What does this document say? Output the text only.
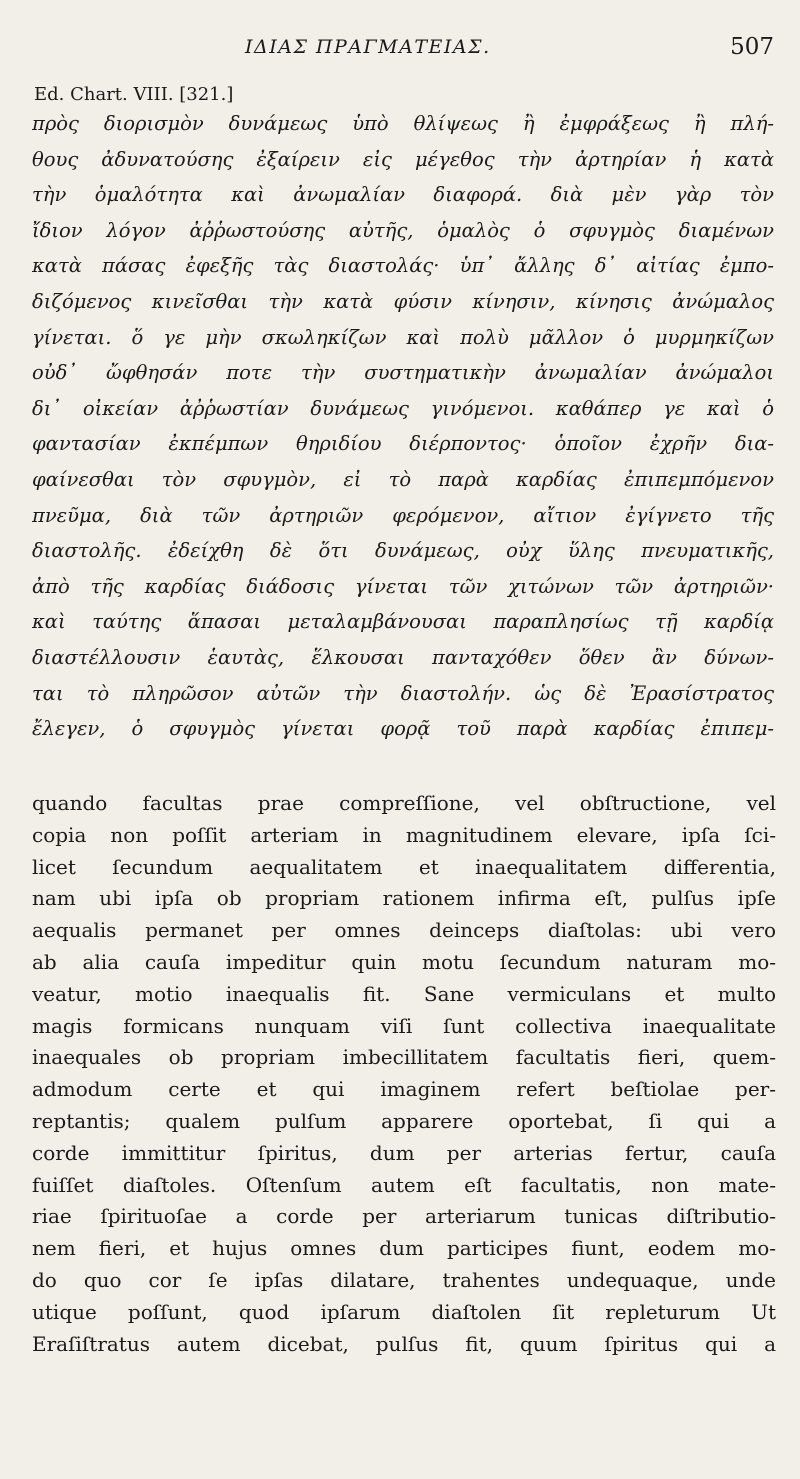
ΙΔΙΑΣ ΠΡΑΓΜΑΤΕΙΑΣ.	507
Ed. Chart. VIII. [321.]
πρὸς διορισμὸν δυνάμεως ὑπὸ θλίψεως ἢ ἐμφράξεως ἢ πλή-
θους ἀδυνατούσης ἐξαίρειν εἰς μέγεθος τὴν ἀρτηρίαν ἡ κατὰ
τὴν ὁμαλότητα καὶ ἀνωμαλίαν διαφορά. διὰ μὲν γὰρ τὸν
ἴδιον λόγον ἀῤῥωστούσης αὐτῆς, ὁμαλὸς ὁ σφυγμὸς διαμένων
κατὰ πάσας ἐφεξῆς τὰς διαστολάς· ὑπ᾽ ἄλλης δ᾽ αἰτίας ἐμπο-
διζόμενος κινεῖσθαι τὴν κατὰ φύσιν κίνησιν, κίνησις ἀνώμαλος
γίνεται. ὅ γε μὴν σκωληκίζων καὶ πολὺ μᾶλλον ὁ μυρμηκίζων
οὐδ᾽ ὤφθησάν ποτε τὴν συστηματικὴν ἀνωμαλίαν ἀνώμαλοι
δι᾽ οἰκείαν ἀῤῥωστίαν δυνάμεως γινόμενοι. καθάπερ γε καὶ ὁ
φαντασίαν ἐκπέμπων θηριδίου διέρποντος· ὁποῖον ἐχρῆν δια-
φαίνεσθαι τὸν σφυγμὸν, εἰ τὸ παρὰ καρδίας ἐπιπεμπόμενον
πνεῦμα, διὰ τῶν ἀρτηριῶν φερόμενον, αἴτιον ἐγίγνετο τῆς
διαστολῆς. ἐδείχθη δὲ ὅτι δυνάμεως, οὐχ ὕλης πνευματικῆς,
ἀπὸ τῆς καρδίας διάδοσις γίνεται τῶν χιτώνων τῶν ἀρτηριῶν·
καὶ ταύτης ἅπασαι μεταλαμβάνουσαι παραπλησίως τῇ καρδίᾳ
διαστέλλουσιν ἑαυτὰς, ἕλκουσαι πανταχόθεν ὅθεν ἂν δύνων-
ται τὸ πληρῶσον αὐτῶν τὴν διαστολήν. ὡς δὲ Ἐρασίστρατος
ἔλεγεν, ὁ σφυγμὸς γίνεται φορᾷ τοῦ παρὰ καρδίας ἐπιπεμ-
quando facultas prae compreſſione, vel obſtructione, vel
copia non poſſit arteriam in magnitudinem elevare, ipſa ſci-
licet ſecundum aequalitatem et inaequalitatem differentia,
nam ubi ipſa ob propriam rationem infirma eſt, pulſus ipſe
aequalis permanet per omnes deinceps diaſtolas: ubi vero
ab alia cauſa impeditur quin motu ſecundum naturam mo-
veatur, motio inaequalis fit. Sane vermiculans et multo
magis formicans nunquam viſi ſunt collectiva inaequalitate
inaequales ob propriam imbecillitatem facultatis fieri, quem-
admodum certe et qui imaginem refert beſtiolae per-
reptantis; qualem pulſum apparere oportebat, ſi qui a
corde immittitur ſpiritus, dum per arterias fertur, cauſa
fuiſſet diaſtoles. Oſtenſum autem eſt facultatis, non mate-
riae ſpirituoſae a corde per arteriarum tunicas diſtributio-
nem fieri, et hujus omnes dum participes fiunt, eodem mo-
do quo cor ſe ipſas dilatare, trahentes undequaque, unde
utique poſſunt, quod ipſarum diaſtolen ſit repleturum Ut
Eraſiſtratus autem dicebat, pulſus fit, quum ſpiritus qui a
